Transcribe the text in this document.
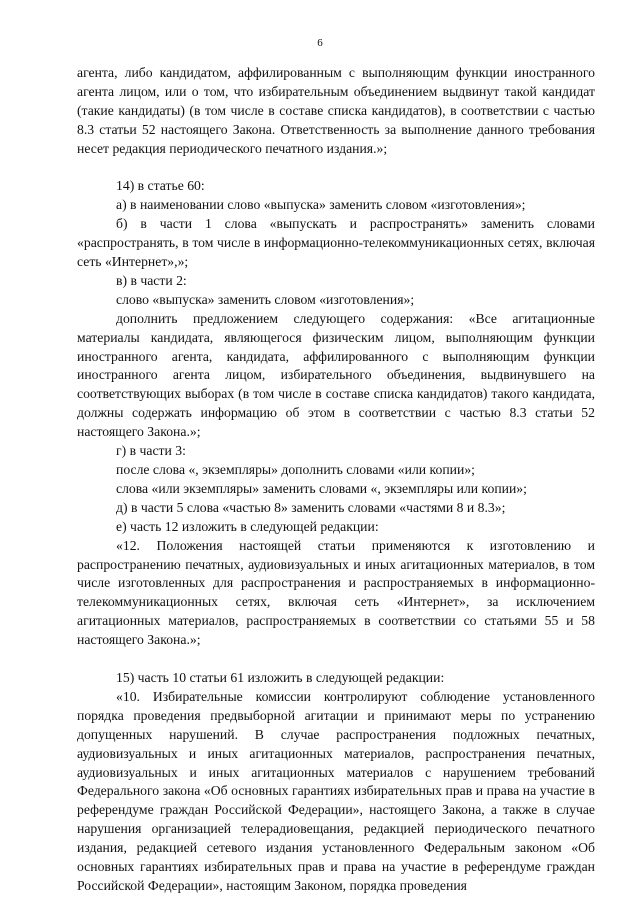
6

агента, либо кандидатом, аффилированным с выполняющим функции иностранного агента лицом, или о том, что избирательным объединением выдвинут такой кандидат (такие кандидаты) (в том числе в составе списка кандидатов), в соответствии с частью 8.3 статьи 52 настоящего Закона. Ответственность за выполнение данного требования несет редакция периодического печатного издания.»;

14) в статье 60:

а) в наименовании слово «выпуска» заменить словом «изготовления»;

б) в части 1 слова «выпускать и распространять» заменить словами «распространять, в том числе в информационно-телекоммуникационных сетях, включая сеть «Интернет»,»;

в) в части 2:

слово «выпуска» заменить словом «изготовления»;

дополнить предложением следующего содержания: «Все агитационные материалы кандидата, являющегося физическим лицом, выполняющим функции иностранного агента, кандидата, аффилированного с выполняющим функции иностранного агента лицом, избирательного объединения, выдвинувшего на соответствующих выборах (в том числе в составе списка кандидатов) такого кандидата, должны содержать информацию об этом в соответствии с частью 8.3 статьи 52 настоящего Закона.»;

г) в части 3:

после слова «, экземпляры» дополнить словами «или копии»;

слова «или экземпляры» заменить словами «, экземпляры или копии»;

д) в части 5 слова «частью 8» заменить словами «частями 8 и 8.3»;

е) часть 12 изложить в следующей редакции:

«12. Положения настоящей статьи применяются к изготовлению и распространению печатных, аудиовизуальных и иных агитационных материалов, в том числе изготовленных для распространения и распространяемых в информационно-телекоммуникационных сетях, включая сеть «Интернет», за исключением агитационных материалов, распространяемых в соответствии со статьями 55 и 58 настоящего Закона.»;

15) часть 10 статьи 61 изложить в следующей редакции:

«10. Избирательные комиссии контролируют соблюдение установленного порядка проведения предвыборной агитации и принимают меры по устранению допущенных нарушений. В случае распространения подложных печатных, аудиовизуальных и иных агитационных материалов, распространения печатных, аудиовизуальных и иных агитационных материалов с нарушением требований Федерального закона «Об основных гарантиях избирательных прав и права на участие в референдуме граждан Российской Федерации», настоящего Закона, а также в случае нарушения организацией телерадиовещания, редакцией периодического печатного издания, редакцией сетевого издания установленного Федеральным законом «Об основных гарантиях избирательных прав и права на участие в референдуме граждан Российской Федерации», настоящим Законом, порядка проведения
